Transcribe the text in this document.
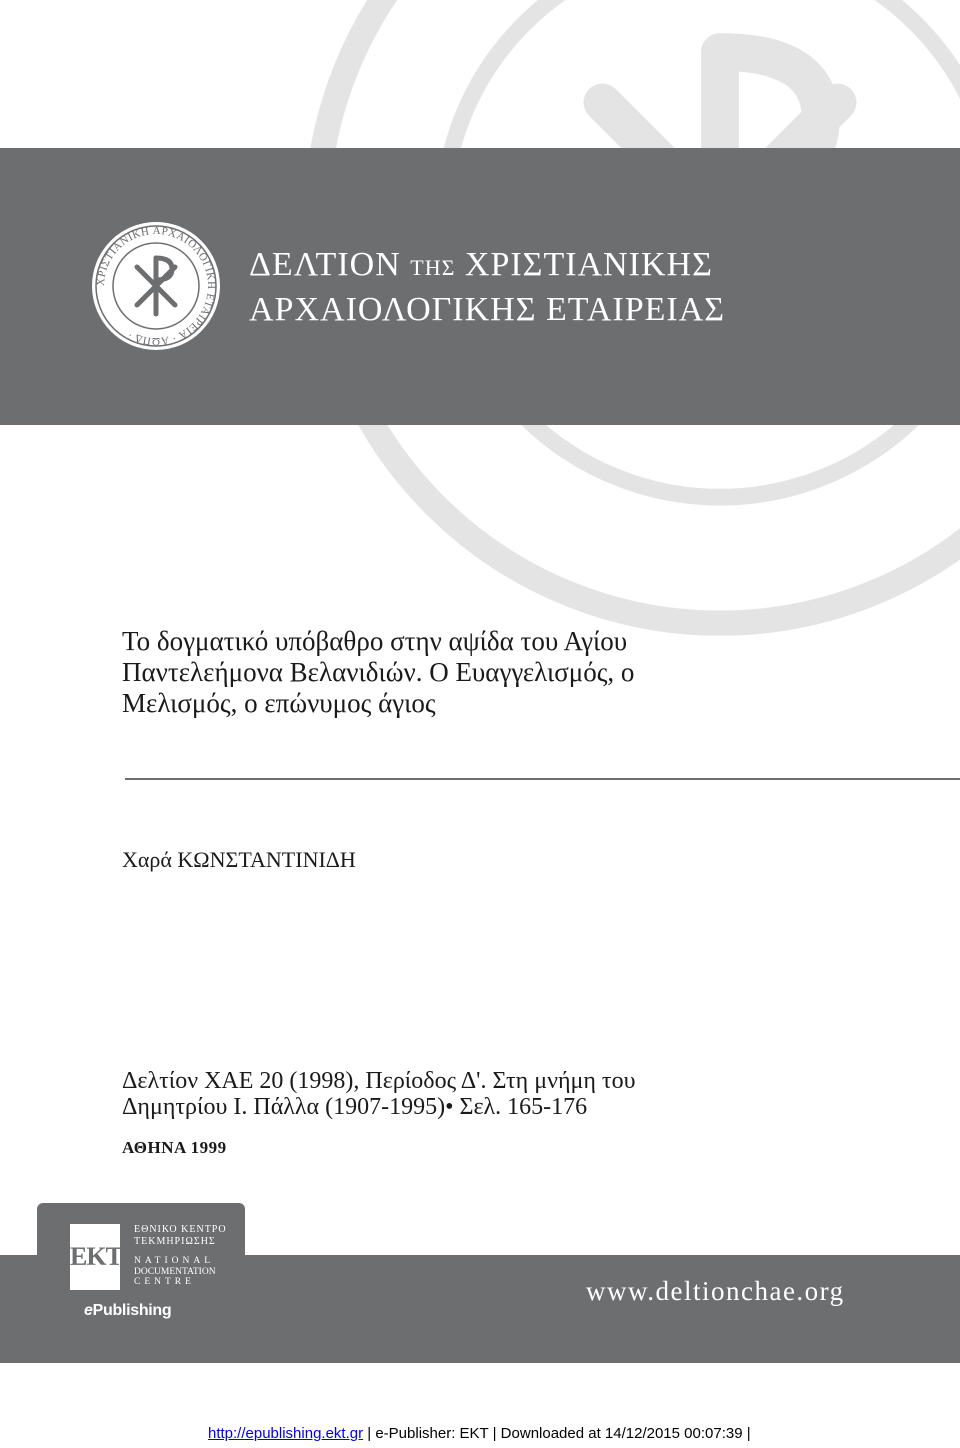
ΧΡΙΣΤΙΑΝΙΚΗ ΑΡΧΑΙΟΛΟΓΙΚΗ ΕΤΑΙΡΕΙΑ · ΑΩΠΔ ·
ΔΕΛΤΙΟΝ ΤΗΣ ΧΡΙΣΤΙΑΝΙΚΗΣ
ΑΡΧΑΙΟΛΟΓΙΚΗΣ ΕΤΑΙΡΕΙΑΣ
Το δογματικό υπόβαθρο στην αψίδα του Αγίου
Παντελεήμονα Βελανιδιών. Ο Ευαγγελισμός, ο
Μελισμός, ο επώνυμος άγιος
Χαρά ΚΩΝΣΤΑΝΤΙΝΙΔΗ
Δελτίον XAE 20 (1998), Περίοδος Δ'. Στη μνήμη του
Δημητρίου Ι. Πάλλα (1907-1995)• Σελ. 165-176
ΑΘΗΝΑ 1999
ΕΚΤ
ΕΘΝΙΚΟ ΚΕΝΤΡΟ
ΤΕΚΜΗΡΙΩΣΗΣ
NATIONAL
DOCUMENTATION
CENTRE
ePublishing
www.deltionchae.org
http://epublishing.ekt.gr | e-Publisher: EKT | Downloaded at 14/12/2015 00:07:39 |
